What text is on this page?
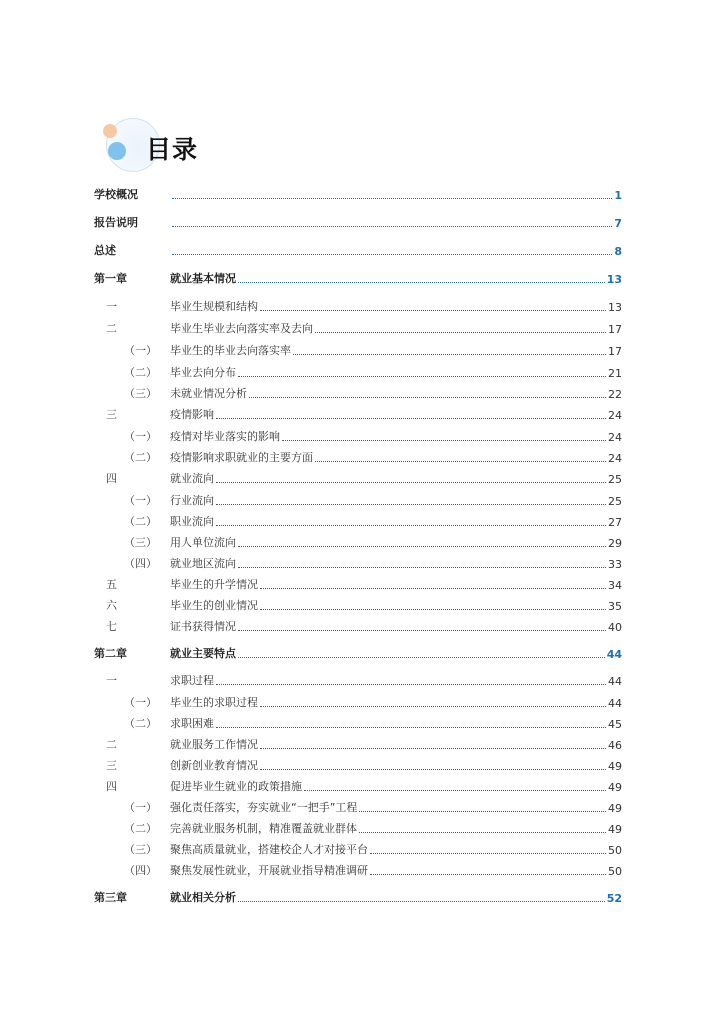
目录
学校概况	1
报告说明	7
总述	8
第一章	就业基本情况	13
一	毕业生规模和结构	13
二	毕业生毕业去向落实率及去向	17
（一） 毕业生的毕业去向落实率	17
（二） 毕业去向分布	21
（三） 未就业情况分析	22
三	疫情影响	24
（一） 疫情对毕业落实的影响	24
（二） 疫情影响求职就业的主要方面	24
四	就业流向	25
（一） 行业流向	25
（二） 职业流向	27
（三） 用人单位流向	29
（四） 就业地区流向	33
五	毕业生的升学情况	34
六	毕业生的创业情况	35
七	证书获得情况	40
第二章	就业主要特点	44
一	求职过程	44
（一） 毕业生的求职过程	44
（二） 求职困难	45
二	就业服务工作情况	46
三	创新创业教育情况	49
四	促进毕业生就业的政策措施	49
（一） 强化责任落实，夯实就业“一把手”工程	49
（二） 完善就业服务机制，精准覆盖就业群体	49
（三） 聚焦高质量就业，搭建校企人才对接平台	50
（四） 聚焦发展性就业，开展就业指导精准调研	50
第三章	就业相关分析	52
